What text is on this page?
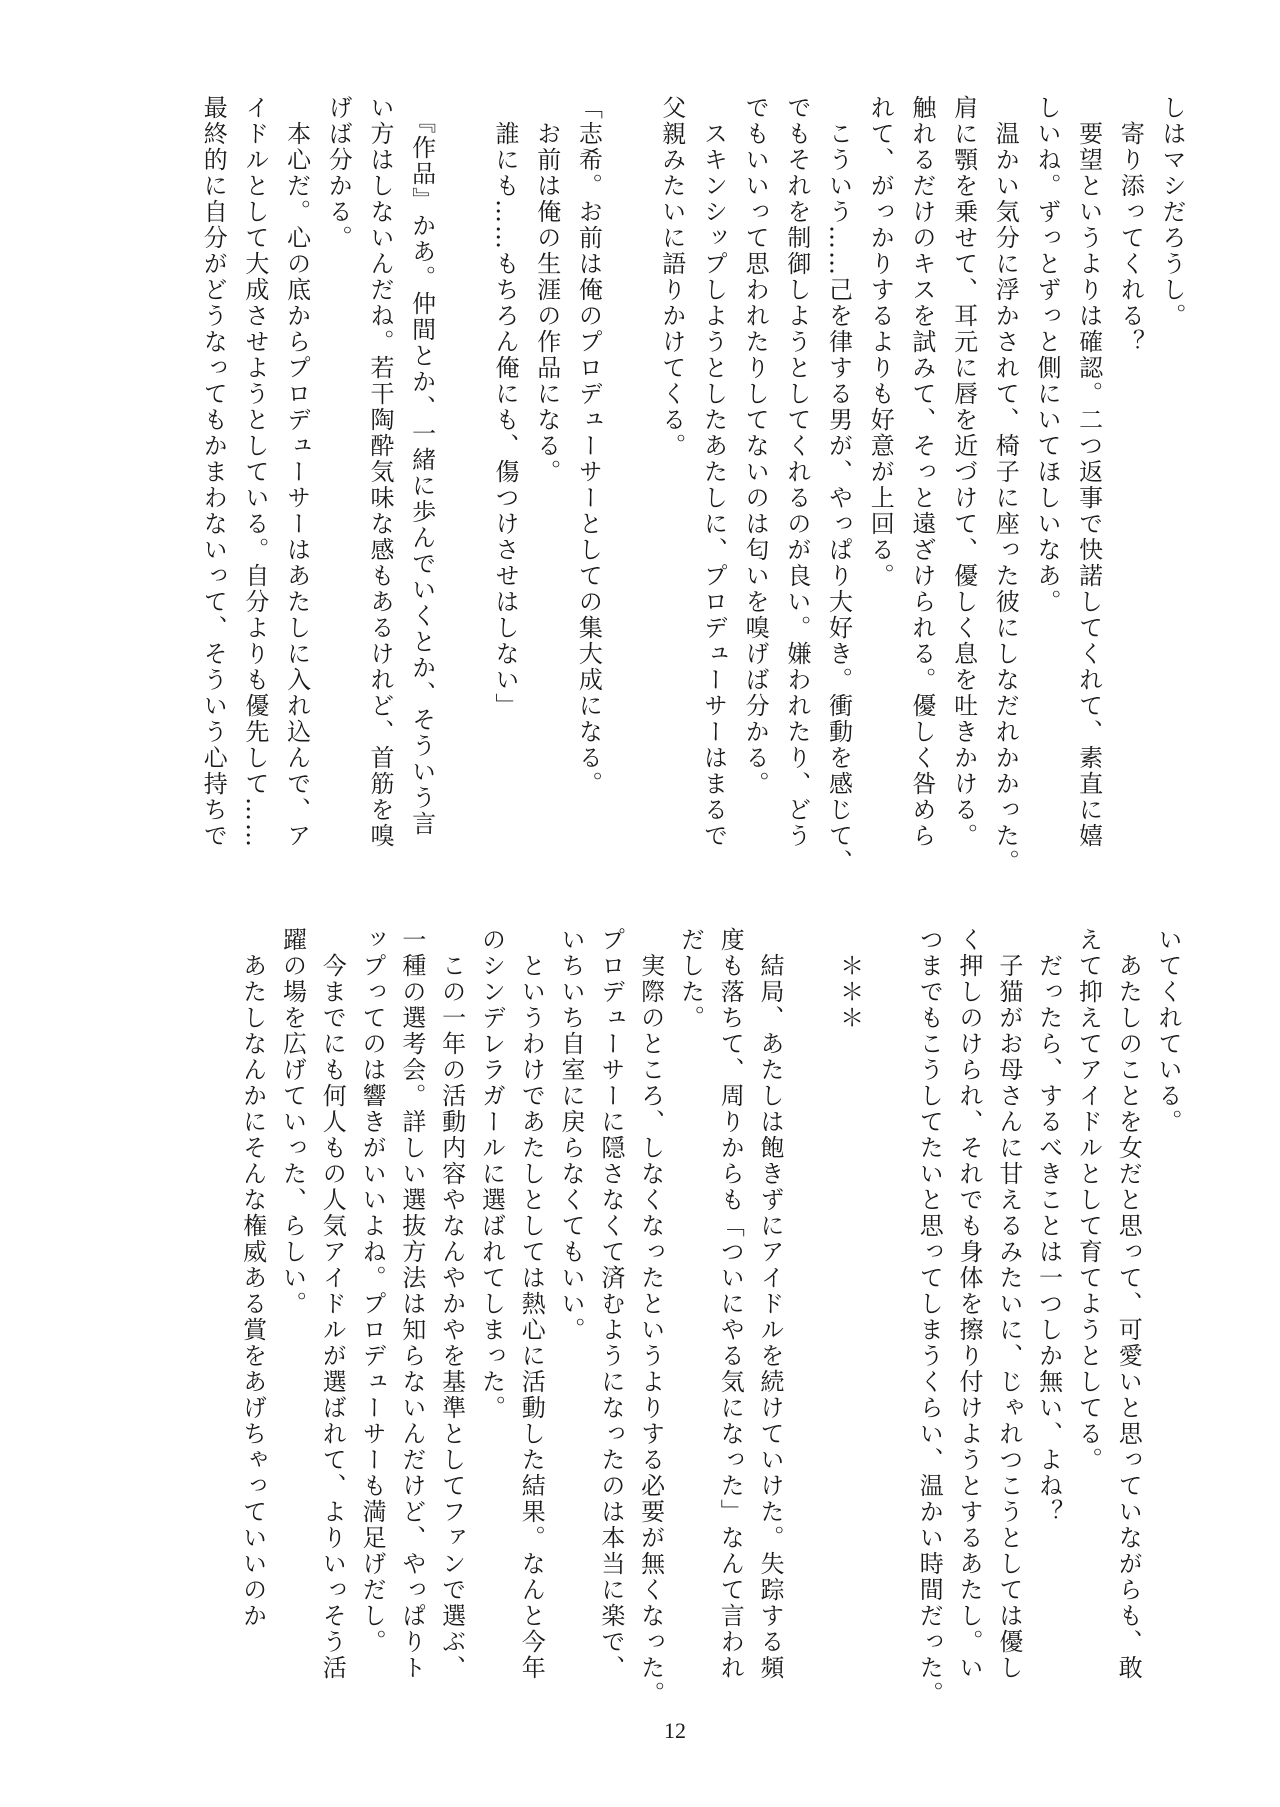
しはマシだろうし。
　寄り添ってくれる？
　要望というよりは確認。二つ返事で快諾してくれて、素直に嬉
しいね。ずっとずっと側にいてほしいなあ。
　温かい気分に浮かされて、椅子に座った彼にしなだれかかった。
肩に顎を乗せて、耳元に唇を近づけて、優しく息を吐きかける。
触れるだけのキスを試みて、そっと遠ざけられる。優しく咎めら
れて、がっかりするよりも好意が上回る。
　こういう……己を律する男が、やっぱり大好き。衝動を感じて、
でもそれを制御しようとしてくれるのが良い。嫌われたり、どう
でもいいって思われたりしてないのは匂いを嗅げば分かる。
　スキンシップしようとしたあたしに、プロデューサーはまるで
父親みたいに語りかけてくる。
「志希。お前は俺のプロデューサーとしての集大成になる。
　お前は俺の生涯の作品になる。
　誰にも……もちろん俺にも、傷つけさせはしない」
　『作品』かあ。仲間とか、一緒に歩んでいくとか、そういう言
い方はしないんだね。若干陶酔気味な感もあるけれど、首筋を嗅
げば分かる。
　本心だ。心の底からプロデューサーはあたしに入れ込んで、ア
イドルとして大成させようとしている。自分よりも優先して……
最終的に自分がどうなってもかまわないって、そういう心持ちで
いてくれている。
　あたしのことを女だと思って、可愛いと思っていながらも、敢
えて抑えてアイドルとして育てようとしてる。
　だったら、するべきことは一つしか無い、よね？
　子猫がお母さんに甘えるみたいに、じゃれつこうとしては優し
く押しのけられ、それでも身体を擦り付けようとするあたし。い
つまでもこうしてたいと思ってしまうくらい、温かい時間だった。
　＊＊＊
　結局、あたしは飽きずにアイドルを続けていけた。失踪する頻
度も落ちて、周りからも「ついにやる気になった」なんて言われ
だした。
　実際のところ、しなくなったというよりする必要が無くなった。
プロデューサーに隠さなくて済むようになったのは本当に楽で、
いちいち自室に戻らなくてもいい。
　というわけであたしとしては熱心に活動した結果。なんと今年
のシンデレラガールに選ばれてしまった。
　この一年の活動内容やなんやかやを基準としてファンで選ぶ、
一種の選考会。詳しい選抜方法は知らないんだけど、やっぱりト
ップってのは響きがいいよね。プロデューサーも満足げだし。
　今までにも何人もの人気アイドルが選ばれて、よりいっそう活
躍の場を広げていった、らしい。
　あたしなんかにそんな権威ある賞をあげちゃっていいのか
12
